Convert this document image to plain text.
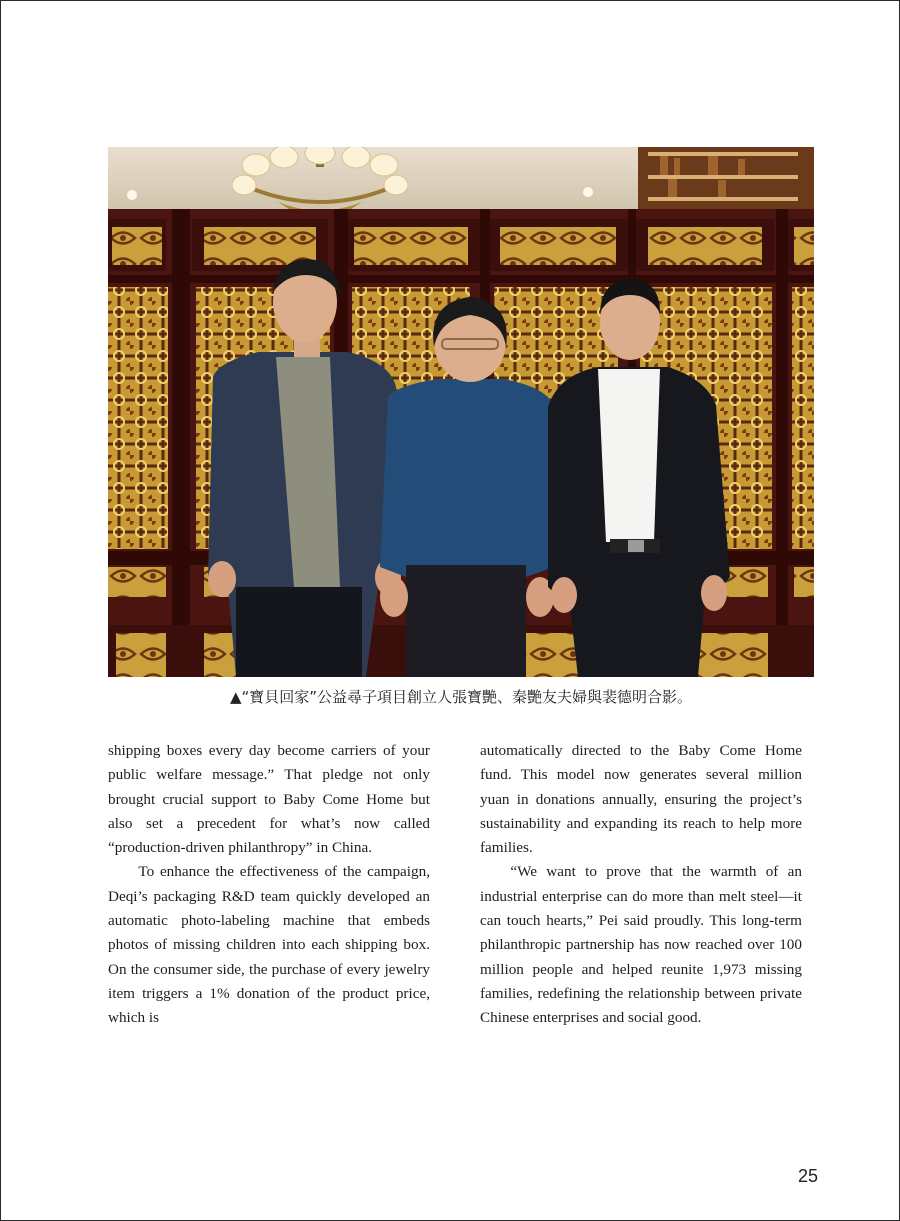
▲“寶貝回家”公益尋子項目創立人張寶艷、秦艷友夫婦與裴德明合影。

shipping boxes every day become carriers of your public welfare message.” That pledge not only brought crucial support to Baby Come Home but also set a precedent for what’s now called “production-driven philanthropy” in China.

To enhance the effectiveness of the campaign, Deqi’s packaging R&D team quickly developed an automatic photo-labeling machine that embeds photos of missing children into each shipping box. On the consumer side, the purchase of every jewelry item triggers a 1% donation of the product price, which is

automatically directed to the Baby Come Home fund. This model now generates several million yuan in donations annually, ensuring the project’s sustainability and expanding its reach to help more families.

“We want to prove that the warmth of an industrial enterprise can do more than melt steel—it can touch hearts,” Pei said proudly. This long-term philanthropic partnership has now reached over 100 million people and helped reunite 1,973 missing families, redefining the relationship between private Chinese enterprises and social good.

25
